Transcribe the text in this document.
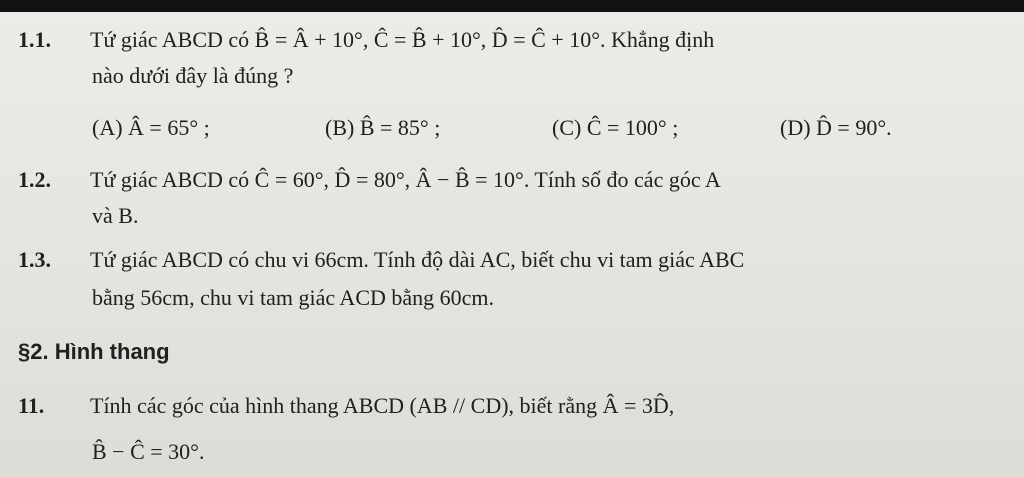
1.1. Tứ giác ABCD có B̂ = Â + 10°, Ĉ = B̂ + 10°, D̂ = Ĉ + 10°. Khẳng định
nào dưới đây là đúng ?
(A) Â = 65° ;	(B) B̂ = 85° ;	(C) Ĉ = 100° ;	(D) D̂ = 90°.
1.2. Tứ giác ABCD có Ĉ = 60°, D̂ = 80°, Â − B̂ = 10°. Tính số đo các góc A
và B.
1.3. Tứ giác ABCD có chu vi 66cm. Tính độ dài AC, biết chu vi tam giác ABC
bằng 56cm, chu vi tam giác ACD bằng 60cm.
§2. Hình thang
11. Tính các góc của hình thang ABCD (AB // CD), biết rằng Â = 3D̂,
B̂ − Ĉ = 30°.
